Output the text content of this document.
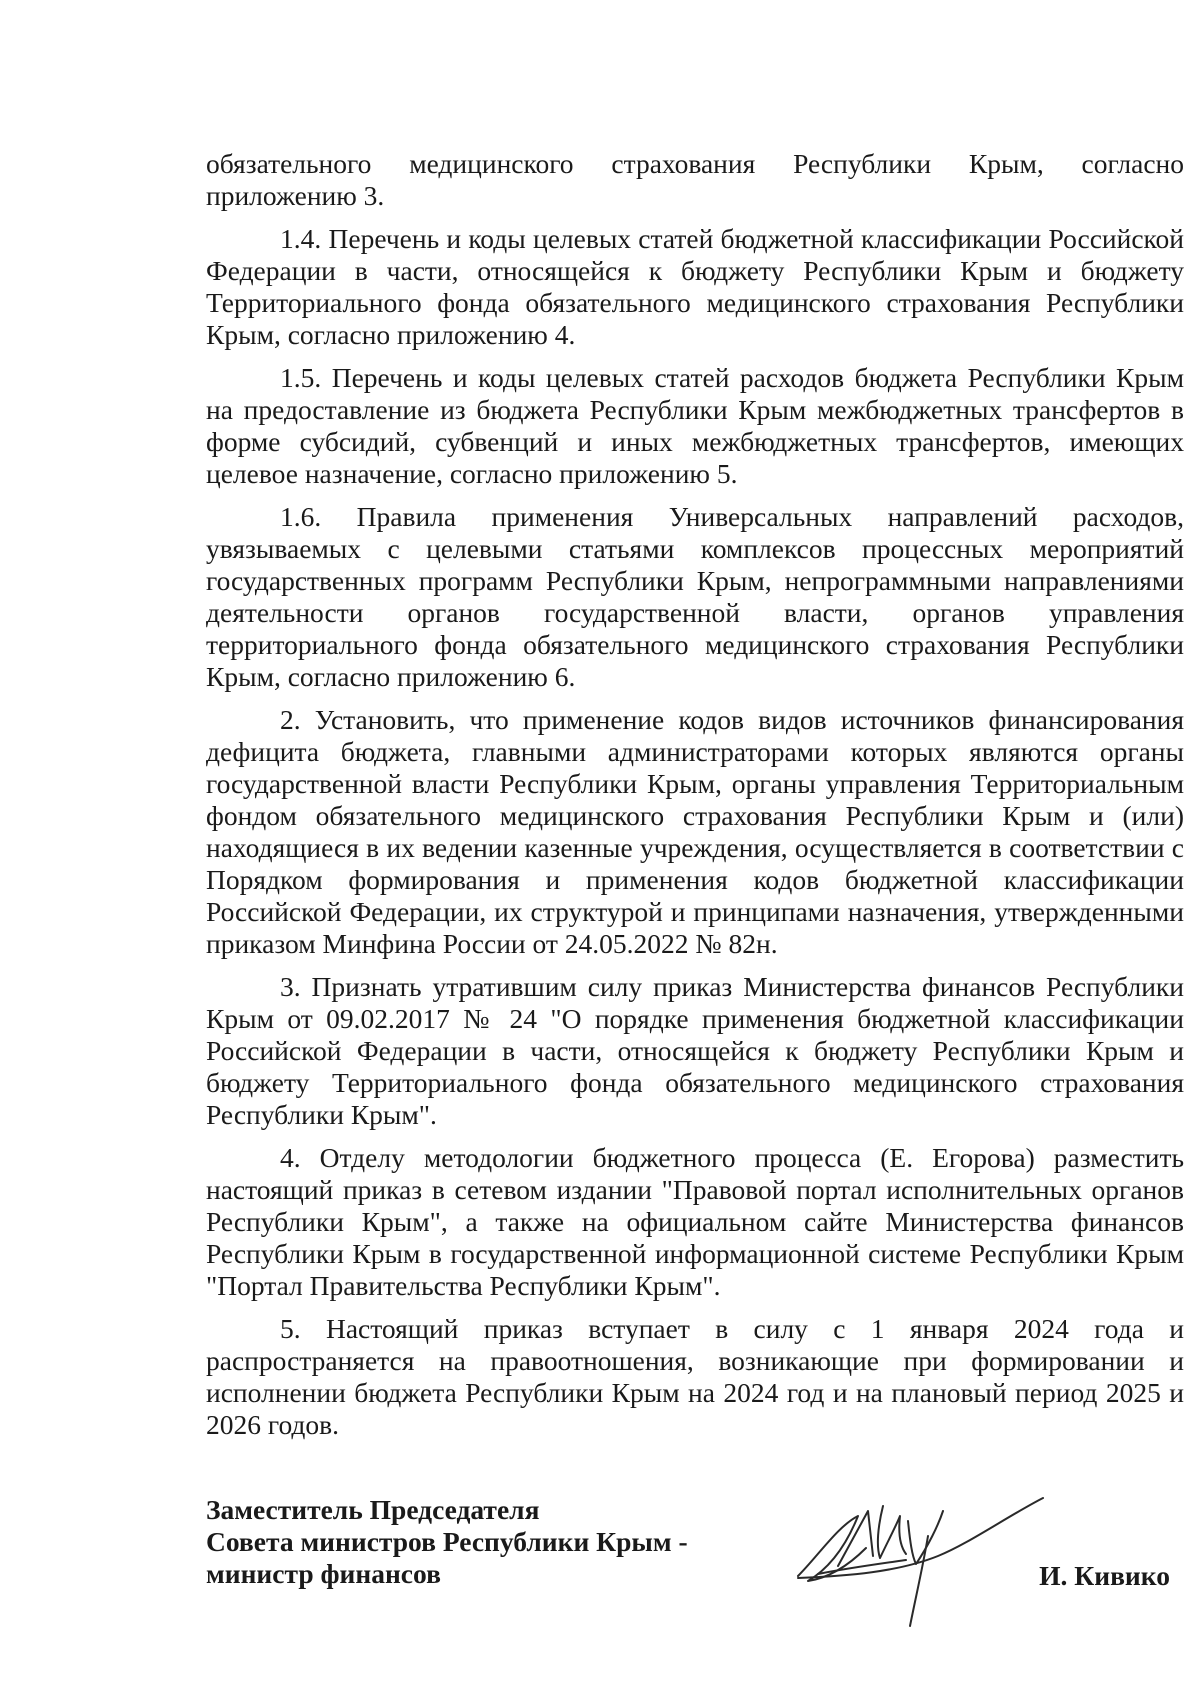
обязательного медицинского страхования Республики Крым, согласно приложению 3.

1.4. Перечень и коды целевых статей бюджетной классификации Российской Федерации в части, относящейся к бюджету Республики Крым и бюджету Территориального фонда обязательного медицинского страхования Республики Крым, согласно приложению 4.

1.5. Перечень и коды целевых статей расходов бюджета Республики Крым на предоставление из бюджета Республики Крым межбюджетных трансфертов в форме субсидий, субвенций и иных межбюджетных трансфертов, имеющих целевое назначение, согласно приложению 5.

1.6. Правила применения Универсальных направлений расходов, увязываемых с целевыми статьями комплексов процессных мероприятий государственных программ Республики Крым, непрограммными направлениями деятельности органов государственной власти, органов управления территориального фонда обязательного медицинского страхования Республики Крым, согласно приложению 6.

2. Установить, что применение кодов видов источников финансирования дефицита бюджета, главными администраторами которых являются органы государственной власти Республики Крым, органы управления Территориальным фондом обязательного медицинского страхования Республики Крым и (или) находящиеся в их ведении казенные учреждения, осуществляется в соответствии с Порядком формирования и применения кодов бюджетной классификации Российской Федерации, их структурой и принципами назначения, утвержденными приказом Минфина России от 24.05.2022 № 82н.

3. Признать утратившим силу приказ Министерства финансов Республики Крым от 09.02.2017 № 24 "О порядке применения бюджетной классификации Российской Федерации в части, относящейся к бюджету Республики Крым и бюджету Территориального фонда обязательного медицинского страхования Республики Крым".

4. Отделу методологии бюджетного процесса (Е. Егорова) разместить настоящий приказ в сетевом издании "Правовой портал исполнительных органов Республики Крым", а также на официальном сайте Министерства финансов Республики Крым в государственной информационной системе Республики Крым "Портал Правительства Республики Крым".

5. Настоящий приказ вступает в силу с 1 января 2024 года и распространяется на правоотношения, возникающие при формировании и исполнении бюджета Республики Крым на 2024 год и на плановый период 2025 и 2026 годов.

Заместитель Председателя
Совета министров Республики Крым -
министр финансов	И. Кивико
